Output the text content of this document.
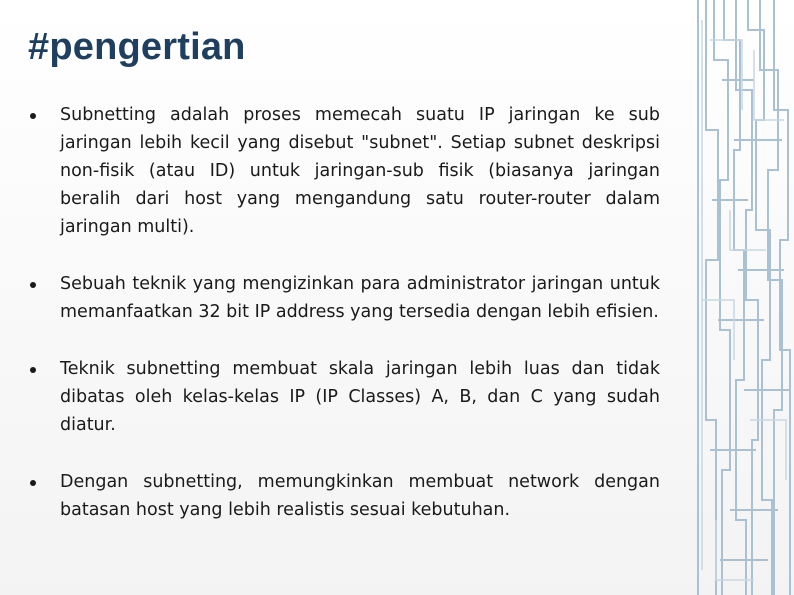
#pengertian
Subnetting adalah proses memecah suatu IP jaringan ke sub jaringan lebih kecil yang disebut "subnet". Setiap subnet deskripsi non-fisik (atau ID) untuk jaringan-sub fisik (biasanya jaringan beralih dari host yang mengandung satu router-router dalam jaringan multi).
Sebuah teknik yang mengizinkan para administrator jaringan untuk memanfaatkan 32 bit IP address yang tersedia dengan lebih efisien.
Teknik subnetting membuat skala jaringan lebih luas dan tidak dibatas oleh kelas-kelas IP (IP Classes) A, B, dan C yang sudah diatur.
Dengan subnetting, memungkinkan membuat network dengan batasan host yang lebih realistis sesuai kebutuhan.
